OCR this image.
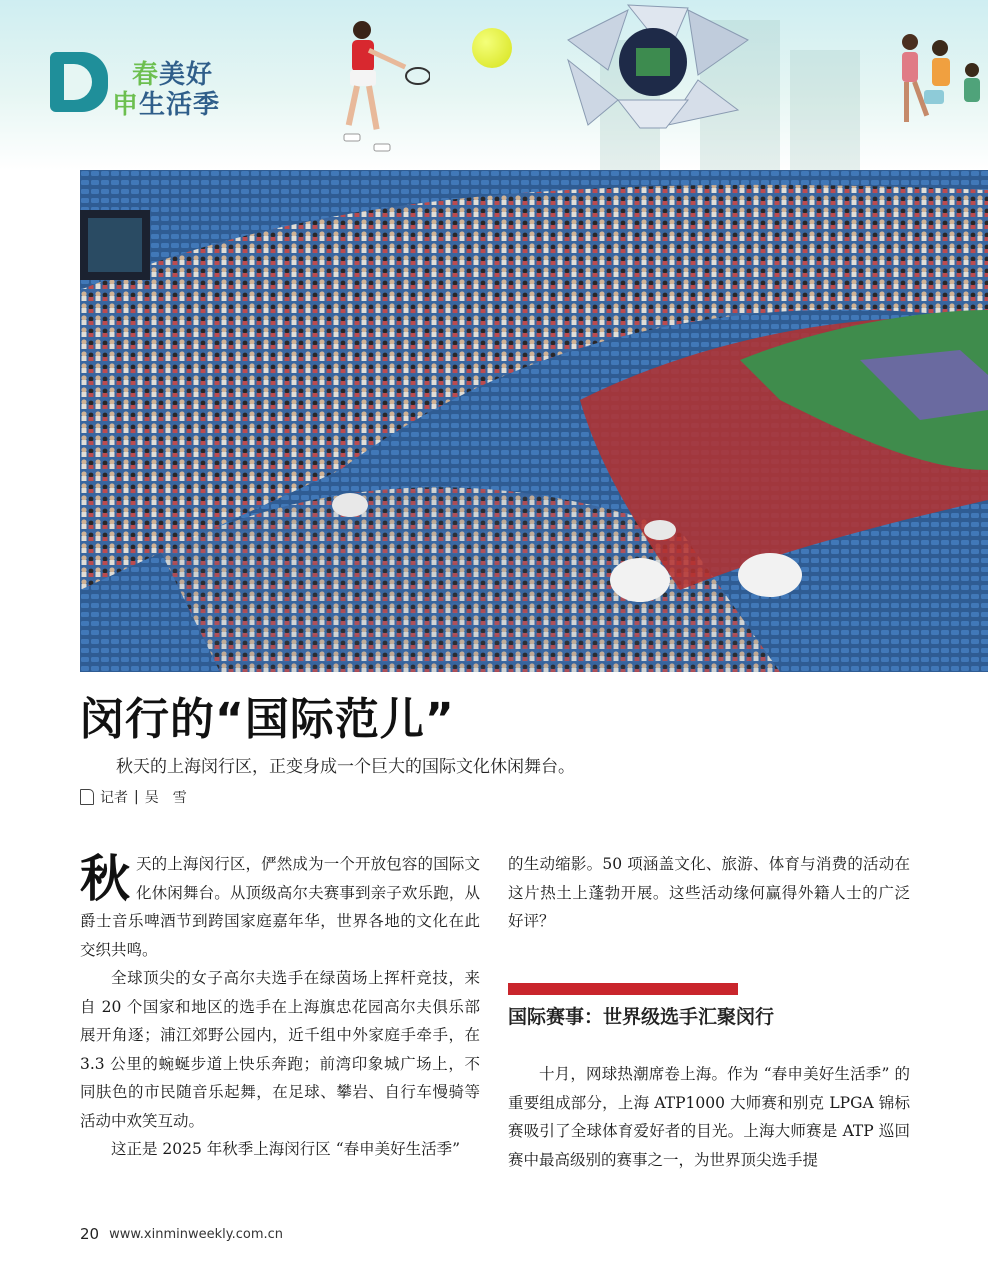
春美好
申生活季
闵行的“国际范儿”

秋天的上海闵行区，正变身成一个巨大的国际文化休闲舞台。

记者 | 吴　雪

秋天的上海闵行区，俨然成为一个开放包容的国际文化休闲舞台。从顶级高尔夫赛事到亲子欢乐跑，从爵士音乐啤酒节到跨国家庭嘉年华，世界各地的文化在此交织共鸣。

全球顶尖的女子高尔夫选手在绿茵场上挥杆竞技，来自 20 个国家和地区的选手在上海旗忠花园高尔夫俱乐部展开角逐；浦江郊野公园内，近千组中外家庭手牵手，在 3.3 公里的蜿蜒步道上快乐奔跑；前湾印象城广场上，不同肤色的市民随音乐起舞，在足球、攀岩、自行车慢骑等活动中欢笑互动。

这正是 2025 年秋季上海闵行区 “春申美好生活季”

的生动缩影。50 项涵盖文化、旅游、体育与消费的活动在这片热土上蓬勃开展。这些活动缘何赢得外籍人士的广泛好评？

国际赛事：世界级选手汇聚闵行

十月，网球热潮席卷上海。作为 “春申美好生活季” 的重要组成部分，上海 ATP1000 大师赛和别克 LPGA 锦标赛吸引了全球体育爱好者的目光。上海大师赛是 ATP 巡回赛中最高级别的赛事之一，为世界顶尖选手提

20 www.xinminweekly.com.cn
